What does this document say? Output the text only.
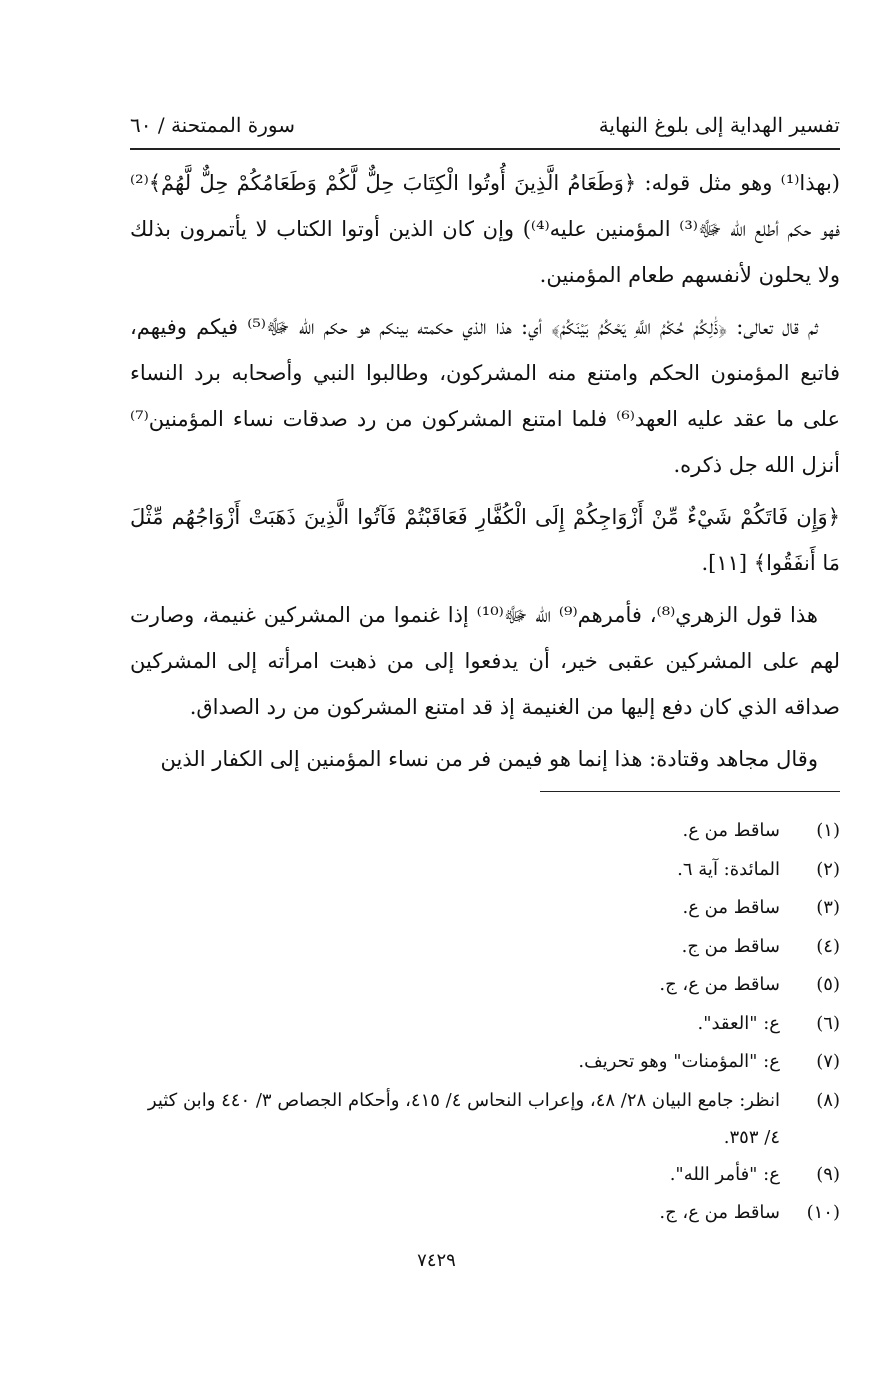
تفسير الهداية إلى بلوغ النهاية
سورة الممتحنة / ٦٠

(بهذا⁽¹⁾ وهو مثل قوله: ﴿وَطَعَامُ الَّذِينَ أُوتُوا الْكِتَابَ حِلٌّ لَّكُمْ وَطَعَامُكُمْ حِلٌّ لَّهُمْ﴾⁽²⁾ فهو حكم أطلع الله ﷻ⁽³⁾ المؤمنين عليه⁽⁴⁾) وإن كان الذين أوتوا الكتاب لا يأتمرون بذلك ولا يحلون لأنفسهم طعام المؤمنين.

ثم قال تعالى: ﴿ذَٰلِكُمْ حُكْمُ اللَّهِ يَحْكُمُ بَيْنَكُمْ﴾ أي: هذا الذي حكمته بينكم هو حكم الله ﷻ⁽⁵⁾ فيكم وفيهم، فاتبع المؤمنون الحكم وامتنع منه المشركون، وطالبوا النبي وأصحابه برد النساء على ما عقد عليه العهد⁽⁶⁾ فلما امتنع المشركون من رد صدقات نساء المؤمنين⁽⁷⁾ أنزل الله جل ذكره.

﴿وَإِن فَاتَكُمْ شَيْءٌ مِّنْ أَزْوَاجِكُمْ إِلَى الْكُفَّارِ فَعَاقَبْتُمْ فَآتُوا الَّذِينَ ذَهَبَتْ أَزْوَاجُهُم مِّثْلَ مَا أَنفَقُوا﴾ [١١].

هذا قول الزهري⁽⁸⁾، فأمرهم⁽⁹⁾ الله ﷻ⁽¹⁰⁾ إذا غنموا من المشركين غنيمة، وصارت لهم على المشركين عقبى خير، أن يدفعوا إلى من ذهبت امرأته إلى المشركين صداقه الذي كان دفع إليها من الغنيمة إذ قد امتنع المشركون من رد الصداق.

وقال مجاهد وقتادة: هذا إنما هو فيمن فر من نساء المؤمنين إلى الكفار الذين

(١)
ساقط من ع.
(٢)
المائدة: آية ٦.
(٣)
ساقط من ع.
(٤)
ساقط من ج.
(٥)
ساقط من ع، ج.
(٦)
ع: "العقد".
(٧)
ع: "المؤمنات" وهو تحريف.
(٨)
انظر: جامع البيان ٢٨/ ٤٨، وإعراب النحاس ٤/ ٤١٥، وأحكام الجصاص ٣/ ٤٤٠ وابن كثير ٤/ ٣٥٣.
(٩)
ع: "فأمر الله".
(١٠)
ساقط من ع، ج.
٧٤٢٩
